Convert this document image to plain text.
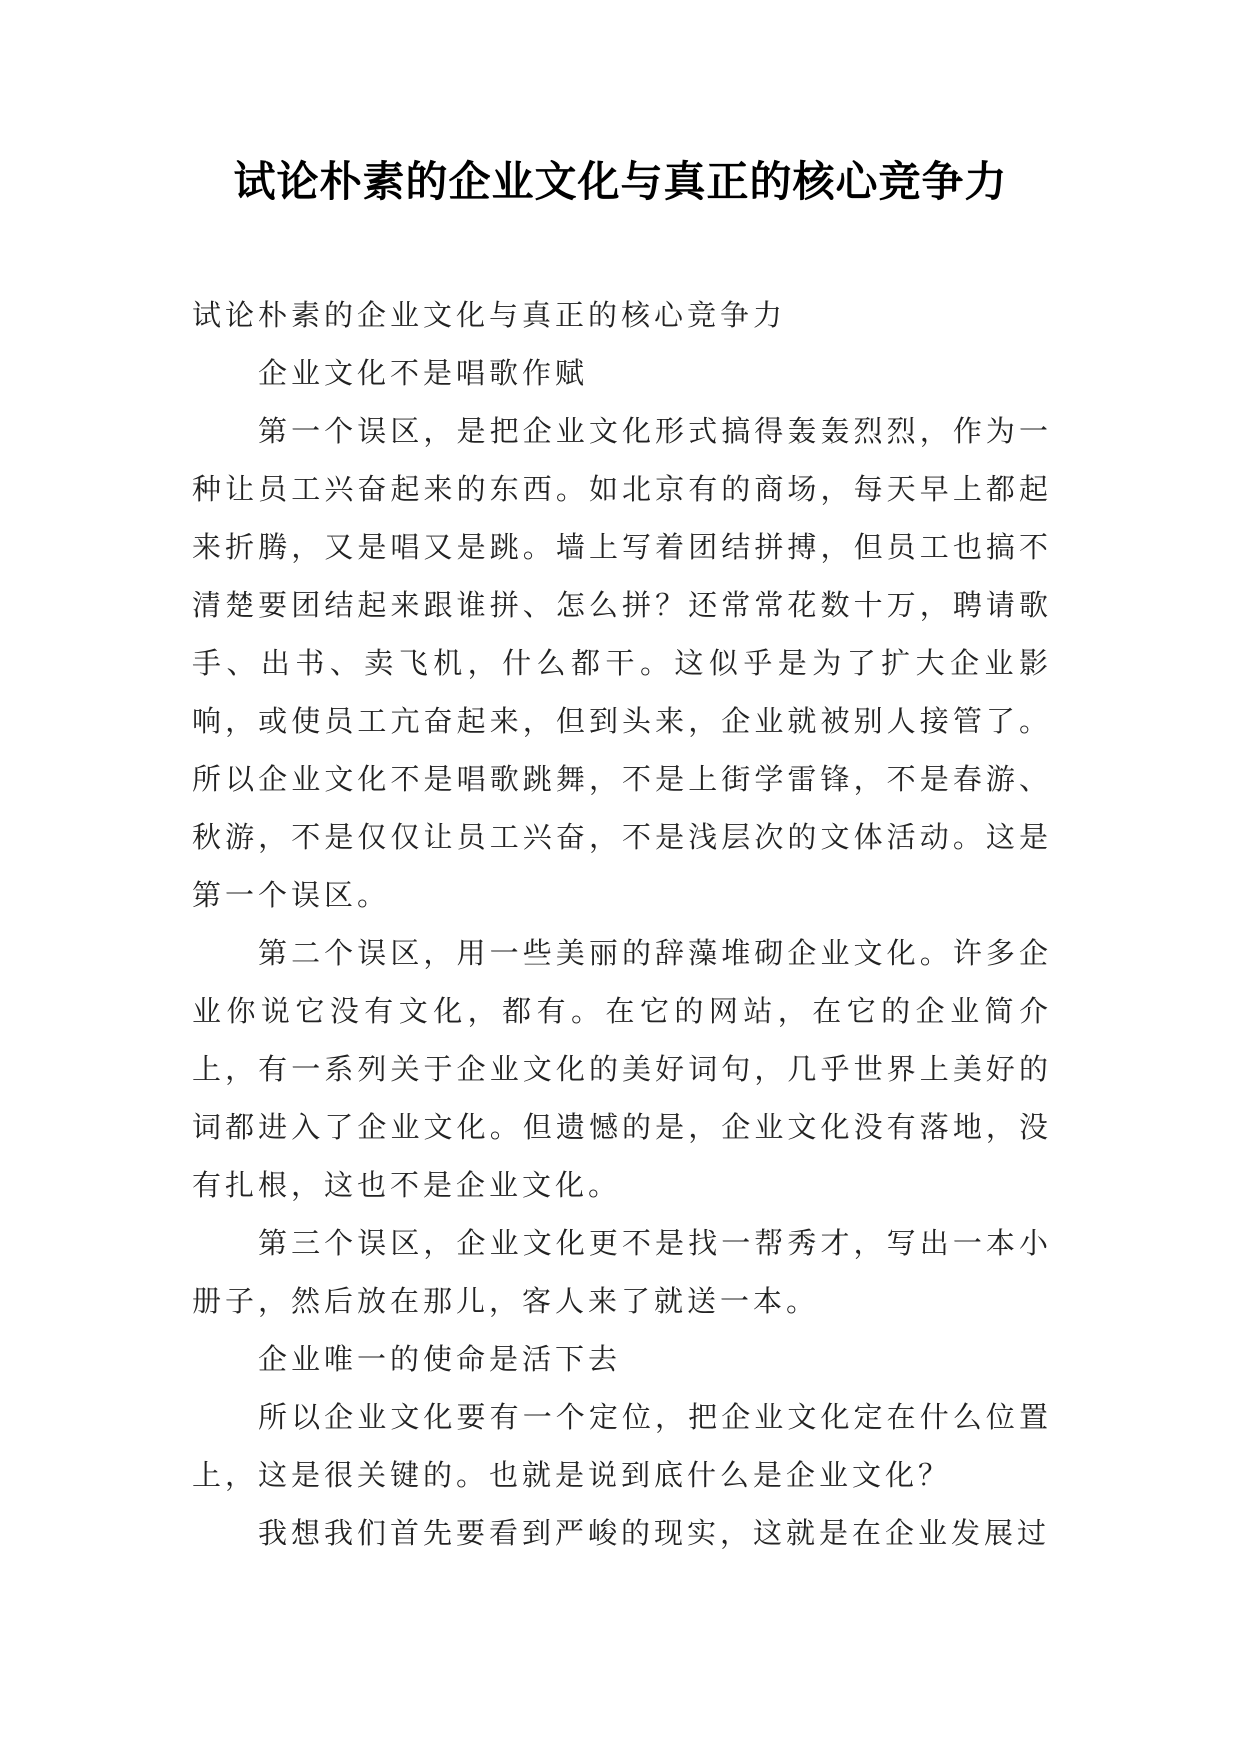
试论朴素的企业文化与真正的核心竞争力

试论朴素的企业文化与真正的核心竞争力

企业文化不是唱歌作赋

第一个误区，是把企业文化形式搞得轰轰烈烈，作为一种让员工兴奋起来的东西。如北京有的商场，每天早上都起来折腾，又是唱又是跳。墙上写着团结拼搏，但员工也搞不清楚要团结起来跟谁拼、怎么拼？还常常花数十万，聘请歌手、出书、卖飞机，什么都干。这似乎是为了扩大企业影响，或使员工亢奋起来，但到头来，企业就被别人接管了。所以企业文化不是唱歌跳舞，不是上街学雷锋，不是春游、秋游，不是仅仅让员工兴奋，不是浅层次的文体活动。这是第一个误区。

第二个误区，用一些美丽的辞藻堆砌企业文化。许多企业你说它没有文化，都有。在它的网站，在它的企业简介上，有一系列关于企业文化的美好词句，几乎世界上美好的词都进入了企业文化。但遗憾的是，企业文化没有落地，没有扎根，这也不是企业文化。

第三个误区，企业文化更不是找一帮秀才，写出一本小册子，然后放在那儿，客人来了就送一本。

企业唯一的使命是活下去

所以企业文化要有一个定位，把企业文化定在什么位置上，这是很关键的。也就是说到底什么是企业文化？

我想我们首先要看到严峻的现实，这就是在企业发展过
